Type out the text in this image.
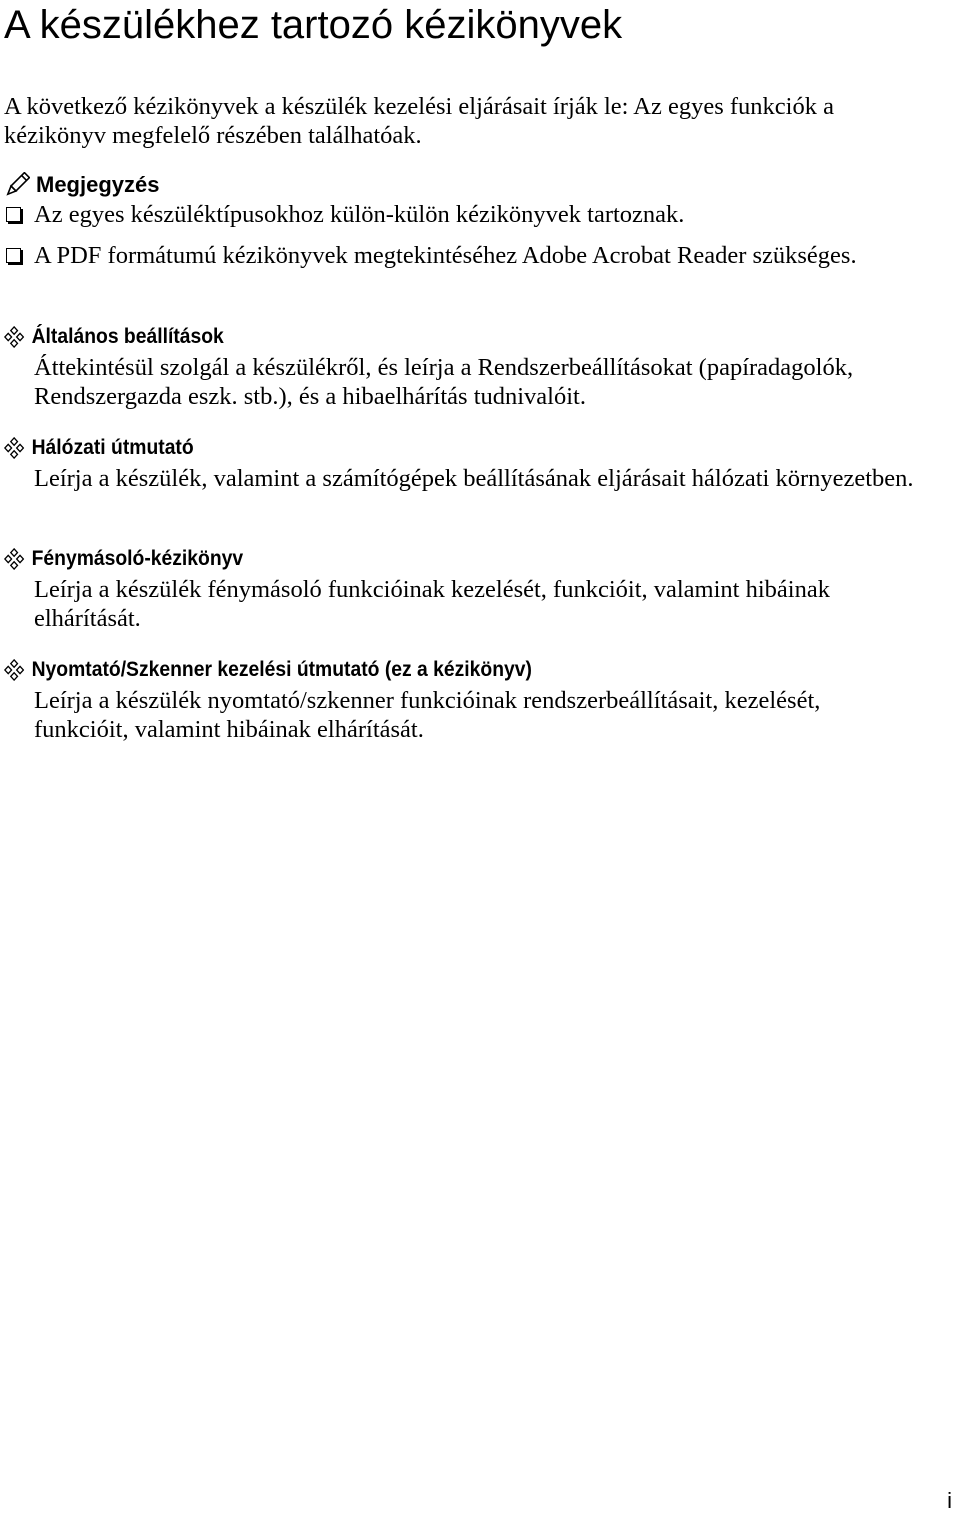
A készülékhez tartozó kézikönyvek

A következő kézikönyvek a készülék kezelési eljárásait írják le: Az egyes funkciók a kézikönyv megfelelő részében találhatóak.

Megjegyzés
Az egyes készüléktípusokhoz külön-külön kézikönyvek tartoznak.
A PDF formátumú kézikönyvek megtekintéséhez Adobe Acrobat Reader szükséges.
Általános beállítások

Áttekintésül szolgál a készülékről, és leírja a Rendszerbeállításokat (papíradagolók, Rendszergazda eszk. stb.), és a hibaelhárítás tudnivalóit.

Hálózati útmutató

Leírja a készülék, valamint a számítógépek beállításának eljárásait hálózati környezetben.

Fénymásoló-kézikönyv

Leírja a készülék fénymásoló funkcióinak kezelését, funkcióit, valamint hibáinak elhárítását.

Nyomtató/Szkenner kezelési útmutató (ez a kézikönyv)

Leírja a készülék nyomtató/szkenner funkcióinak rendszerbeállításait, kezelését, funkcióit, valamint hibáinak elhárítását.

i
